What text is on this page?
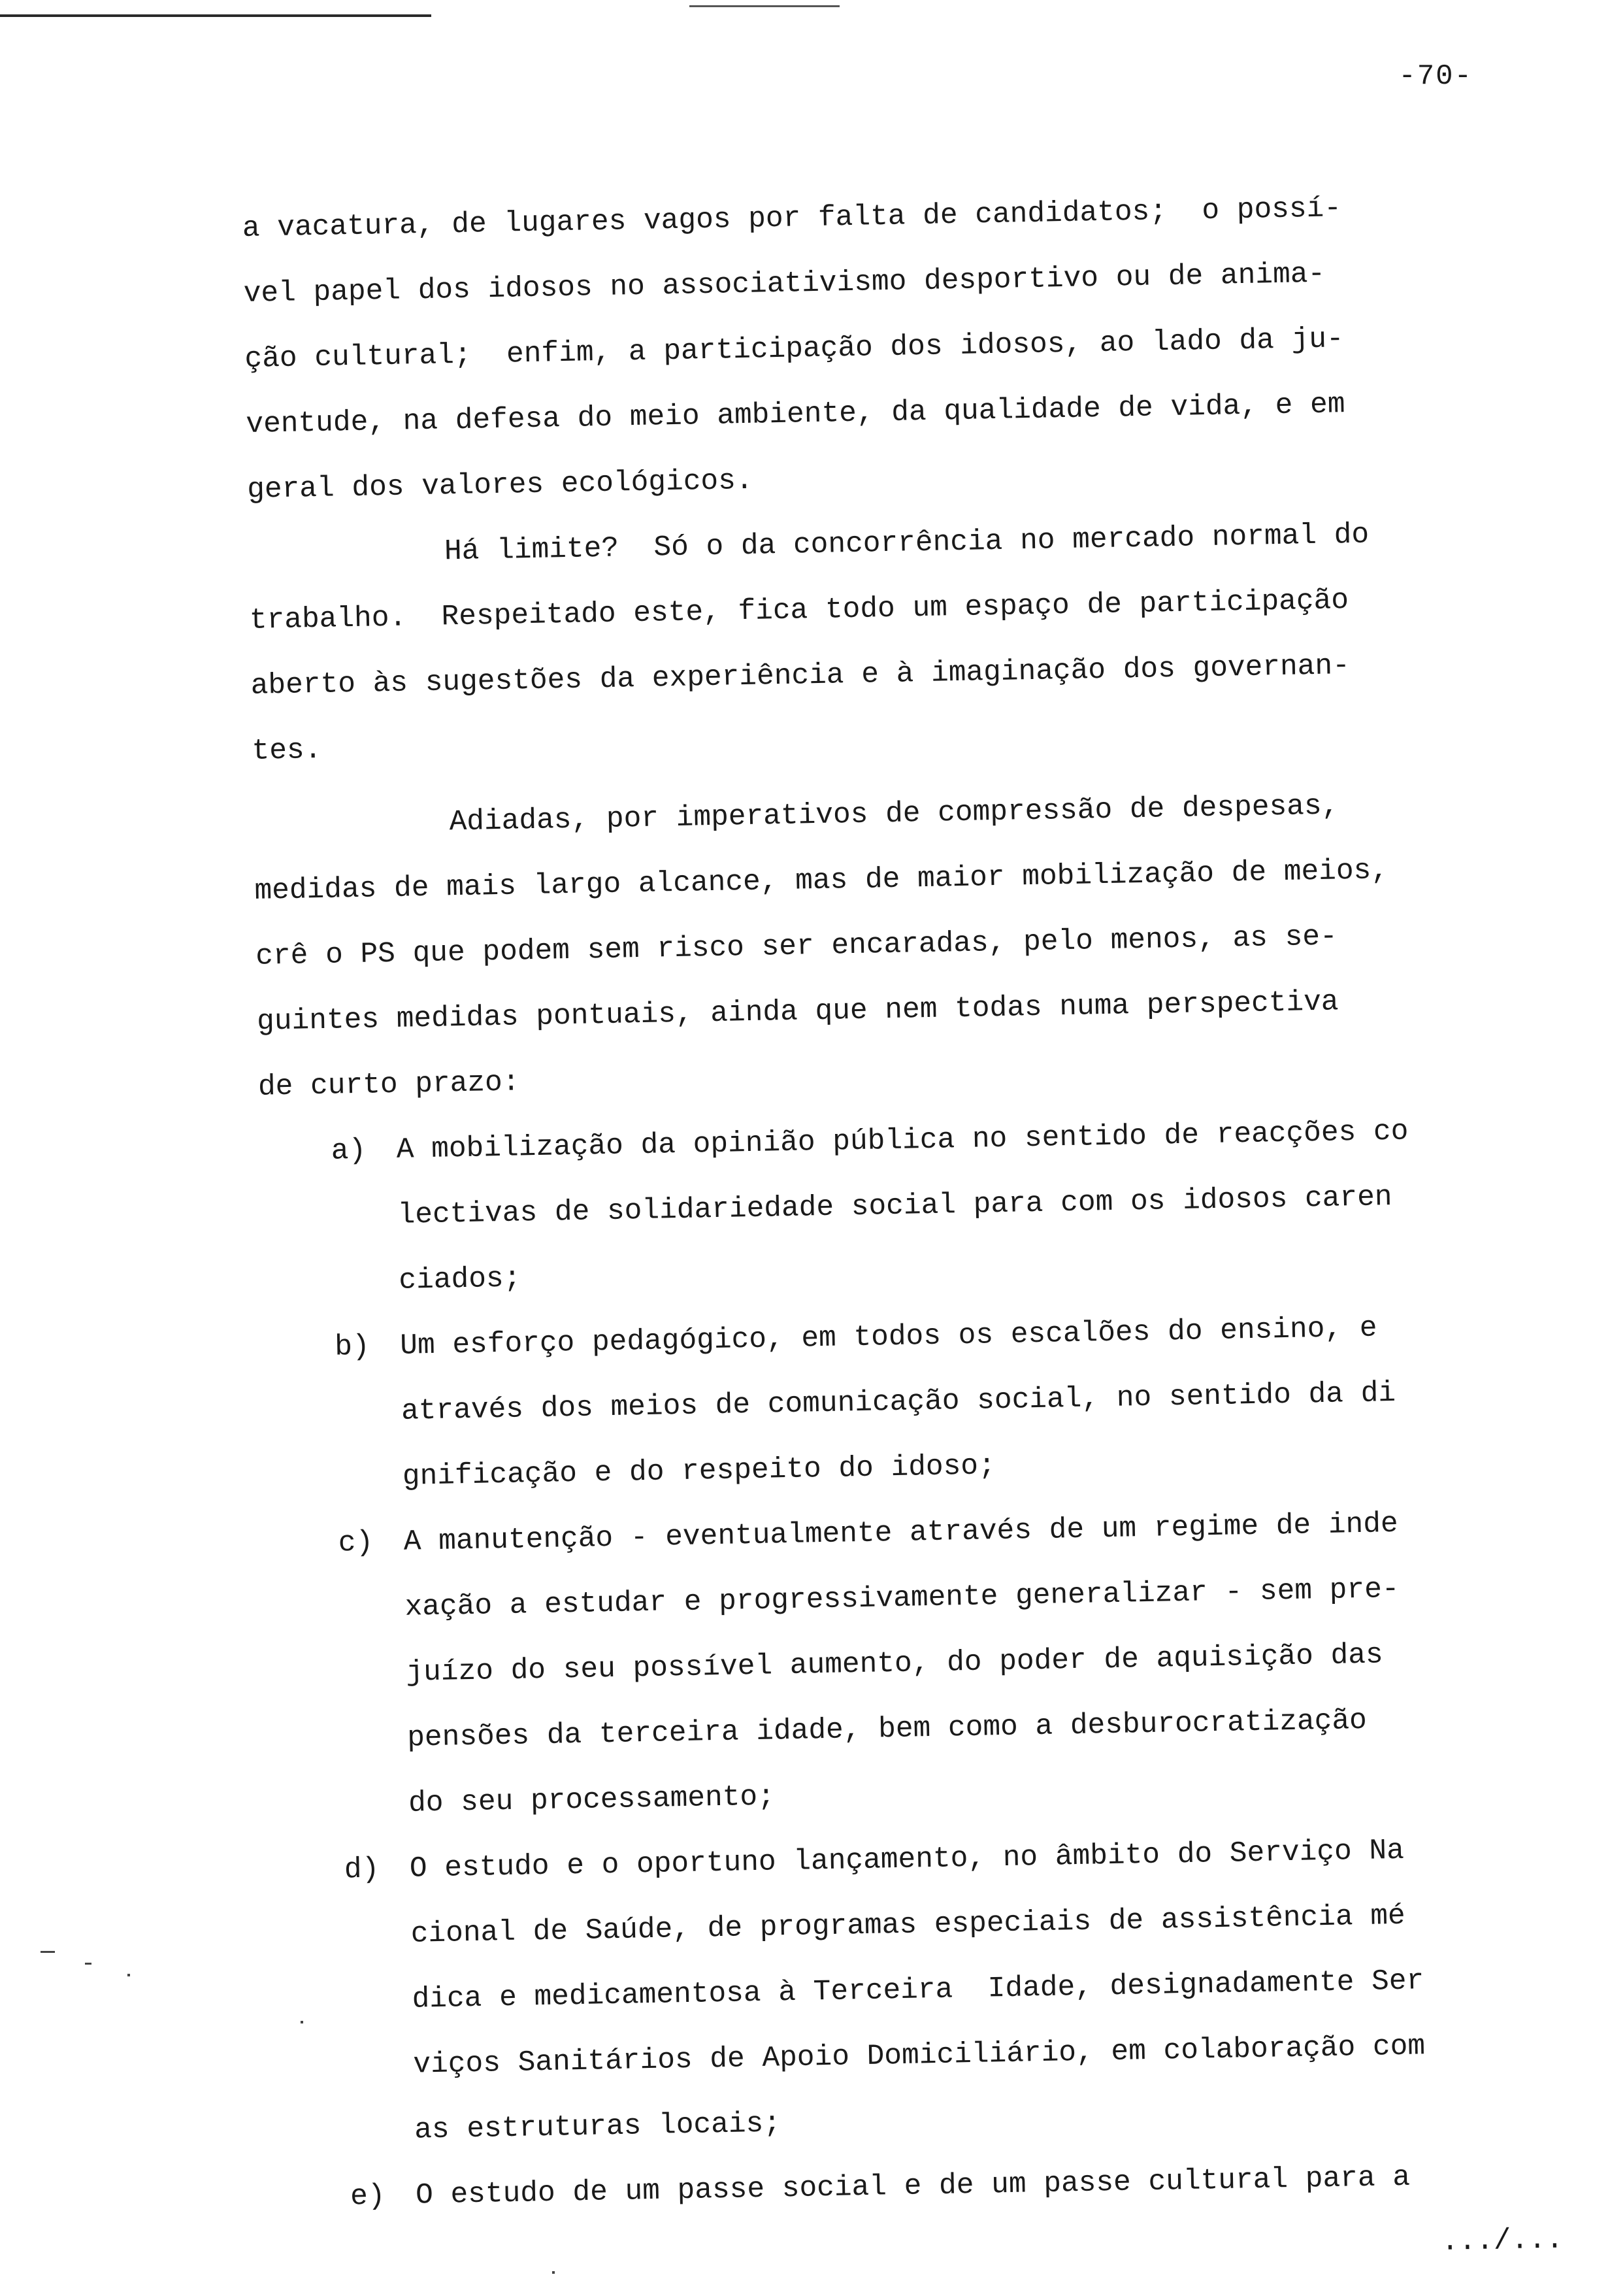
-70-
a vacatura, de lugares vagos por falta de candidatos;  o possí-
vel papel dos idosos no associativismo desportivo ou de anima-
ção cultural;  enfim, a participação dos idosos, ao lado da ju-
ventude, na defesa do meio ambiente, da qualidade de vida, e em
geral dos valores ecológicos.
Há limite?  Só o da concorrência no mercado normal do
trabalho.  Respeitado este, fica todo um espaço de participação
aberto às sugestões da experiência e à imaginação dos governan-
tes.
Adiadas, por imperativos de compressão de despesas,
medidas de mais largo alcance, mas de maior mobilização de meios,
crê o PS que podem sem risco ser encaradas, pelo menos, as se-
guintes medidas pontuais, ainda que nem todas numa perspectiva
de curto prazo:
a)	A mobilização da opinião pública no sentido de reacções co
lectivas de solidariedade social para com os idosos caren
ciados;
b)	Um esforço pedagógico, em todos os escalões do ensino, e
através dos meios de comunicação social, no sentido da di
gnificação e do respeito do idoso;
c)	A manutenção - eventualmente através de um regime de inde
xação a estudar e progressivamente generalizar - sem pre-
juízo do seu possível aumento, do poder de aquisição das
pensões da terceira idade, bem como a desburocratização
do seu processamento;
d)	O estudo e o oportuno lançamento, no âmbito do Serviço Na
cional de Saúde, de programas especiais de assistência mé
dica e medicamentosa à Terceira  Idade, designadamente Ser
viços Sanitários de Apoio Domiciliário, em colaboração com
as estruturas locais;
e)	O estudo de um passe social e de um passe cultural para a
.../...
